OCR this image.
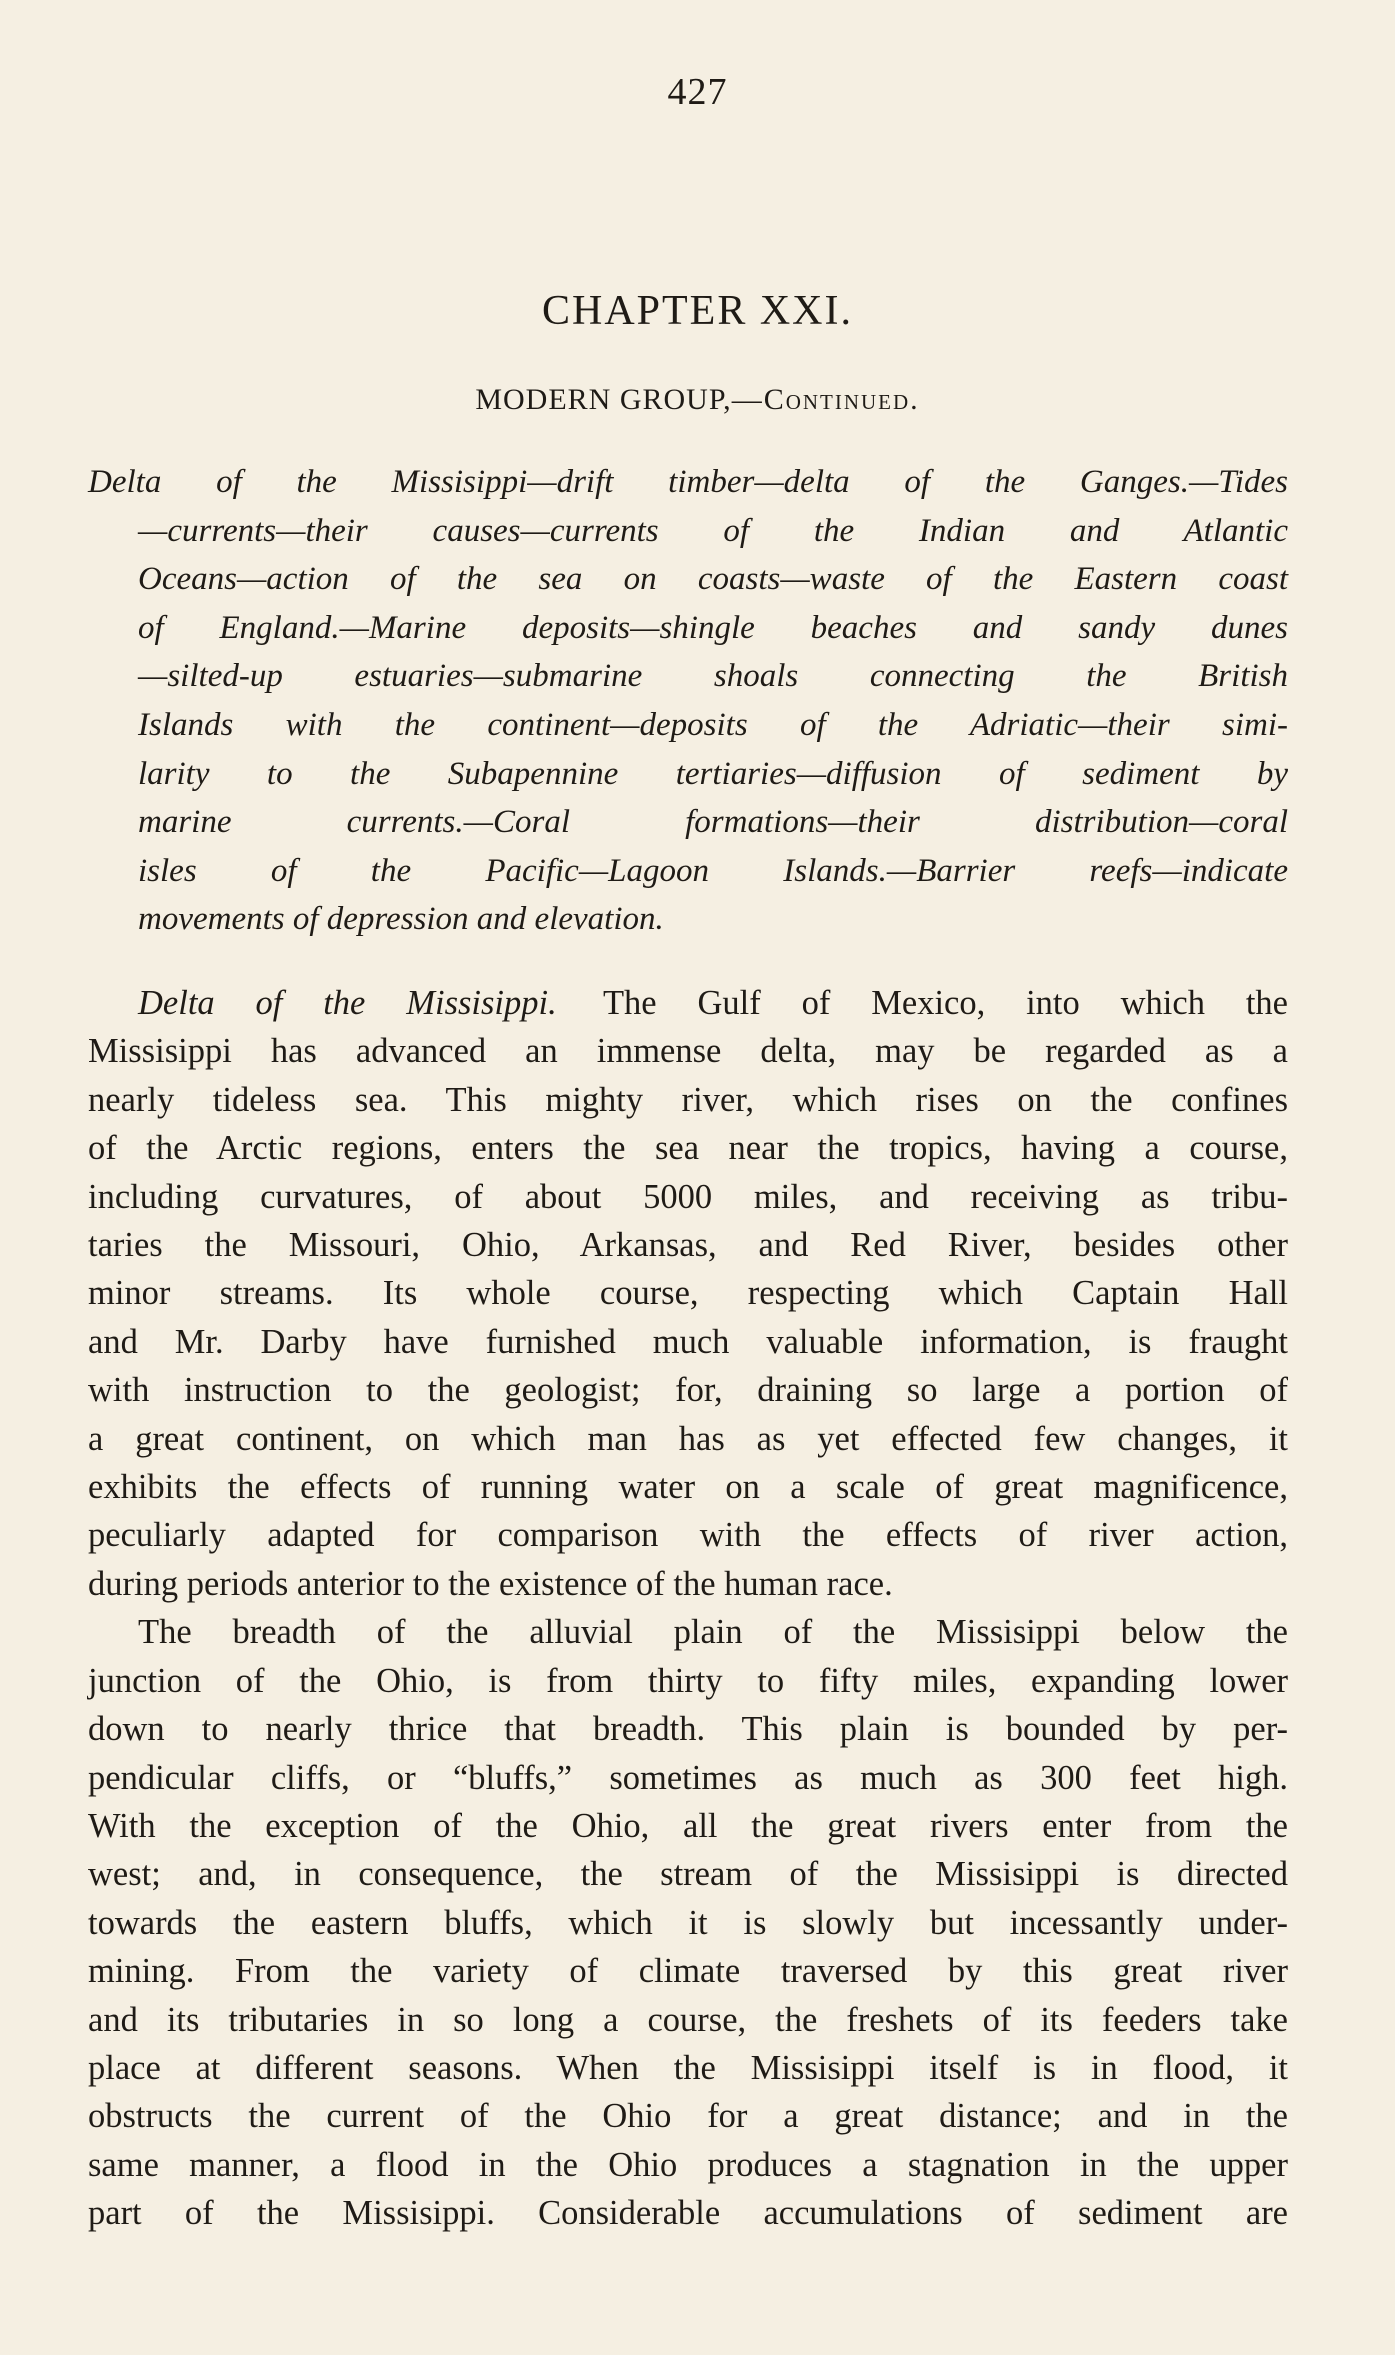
427
CHAPTER XXI.
MODERN GROUP,—Continued.
Delta of the Missisippi—drift timber—delta of the Ganges.—Tides
—currents—their causes—currents of the Indian and Atlantic
Oceans—action of the sea on coasts—waste of the Eastern coast
of England.—Marine deposits—shingle beaches and sandy dunes
—silted-up estuaries—submarine shoals connecting the British
Islands with the continent—deposits of the Adriatic—their simi-
larity to the Subapennine tertiaries—diffusion of sediment by
marine currents.—Coral formations—their distribution—coral
isles of the Pacific—Lagoon Islands.—Barrier reefs—indicate
movements of depression and elevation.
Delta of the Missisippi. The Gulf of Mexico, into which the
Missisippi has advanced an immense delta, may be regarded as a
nearly tideless sea. This mighty river, which rises on the confines
of the Arctic regions, enters the sea near the tropics, having a course,
including curvatures, of about 5000 miles, and receiving as tribu-
taries the Missouri, Ohio, Arkansas, and Red River, besides other
minor streams. Its whole course, respecting which Captain Hall
and Mr. Darby have furnished much valuable information, is fraught
with instruction to the geologist; for, draining so large a portion of
a great continent, on which man has as yet effected few changes, it
exhibits the effects of running water on a scale of great magnificence,
peculiarly adapted for comparison with the effects of river action,
during periods anterior to the existence of the human race.
The breadth of the alluvial plain of the Missisippi below the
junction of the Ohio, is from thirty to fifty miles, expanding lower
down to nearly thrice that breadth. This plain is bounded by per-
pendicular cliffs, or “bluffs,” sometimes as much as 300 feet high.
With the exception of the Ohio, all the great rivers enter from the
west; and, in consequence, the stream of the Missisippi is directed
towards the eastern bluffs, which it is slowly but incessantly under-
mining. From the variety of climate traversed by this great river
and its tributaries in so long a course, the freshets of its feeders take
place at different seasons. When the Missisippi itself is in flood, it
obstructs the current of the Ohio for a great distance; and in the
same manner, a flood in the Ohio produces a stagnation in the upper
part of the Missisippi. Considerable accumulations of sediment are
